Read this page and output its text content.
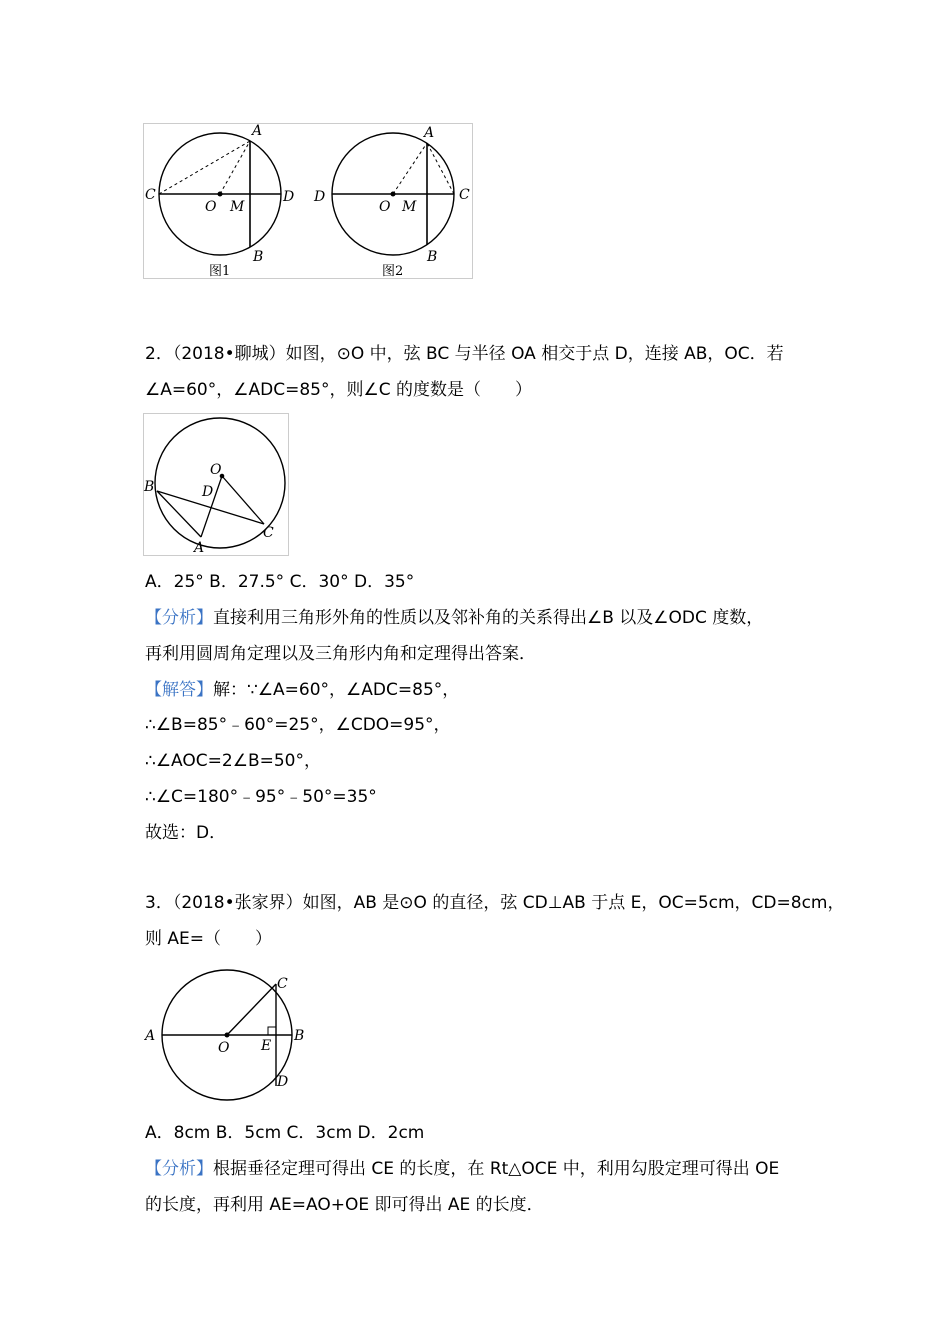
A
C	D
O M
B
图1
A
D	C
O M
B
图2
2．（2018•聊城）如图，⊙O 中，弦 BC 与半径 OA 相交于点 D，连接 AB，OC．若
∠A=60°，∠ADC=85°，则∠C 的度数是（　　）
O
B	D
A
C
A．25° B．27.5° C．30° D．35°
【分析】直接利用三角形外角的性质以及邻补角的关系得出∠B 以及∠ODC 度数，
再利用圆周角定理以及三角形内角和定理得出答案．
【解答】解：∵∠A=60°，∠ADC=85°，
∴∠B=85°﹣60°=25°，∠CDO=95°，
∴∠AOC=2∠B=50°，
∴∠C=180°﹣95°﹣50°=35°
故选：D．
3．（2018•张家界）如图，AB 是⊙O 的直径，弦 CD⊥AB 于点 E，OC=5cm，CD=8cm，
则 AE=（　　）
A
O E
B
C
D
A．8cm B．5cm C．3cm D．2cm
【分析】根据垂径定理可得出 CE 的长度，在 Rt△OCE 中，利用勾股定理可得出 OE
的长度，再利用 AE=AO+OE 即可得出 AE 的长度．
